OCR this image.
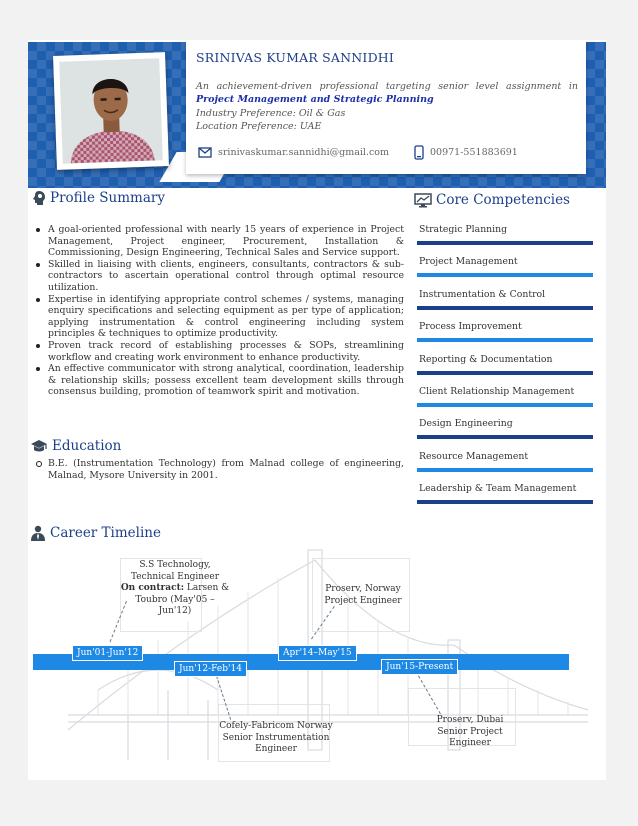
SRINIVAS KUMAR SANNIDHI
An achievement-driven professional targeting senior level assignment in Project Management and Strategic Planning
Industry Preference: Oil & Gas
Location Preference: UAE
srinivaskumar.sannidhi@gmail.com	00971-551883691
Profile Summary
A goal-oriented professional with nearly 15 years of experience in Project Management, Project engineer, Procurement, Installation & Commissioning, Design Engineering, Technical Sales and Service support.
Skilled in liaising with clients, engineers, consultants, contractors & sub-contractors to ascertain operational control through optimal resource utilization.
Expertise in identifying appropriate control schemes / systems, managing enquiry specifications and selecting equipment as per type of application; applying instrumentation & control engineering including system principles & techniques to optimize productivity.
Proven track record of establishing processes & SOPs, streamlining workflow and creating work environment to enhance productivity.
An effective communicator with strong analytical, coordination, leadership & relationship skills; possess excellent team development skills through consensus building, promotion of teamwork spirit and motivation.
Education
B.E. (Instrumentation Technology) from Malnad college of engineering, Malnad, Mysore University in 2001.
Core Competencies
Strategic Planning
Project Management
Instrumentation & Control
Process Improvement
Reporting & Documentation
Client Relationship Management
Design Engineering
Resource Management
Leadership & Team Management
Career Timeline
S.S Technology,
Technical Engineer
On contract: Larsen &
Toubro (May'05 – Jun'12)
Cofely-Fabricom Norway
Senior Instrumentation
Engineer
Proserv, Norway
Project Engineer
Proserv, Dubai
Senior Project Engineer
Jun'01-Jun'12
Jun'12-Feb'14
Apr'14–May'15
Jun'15-Present
